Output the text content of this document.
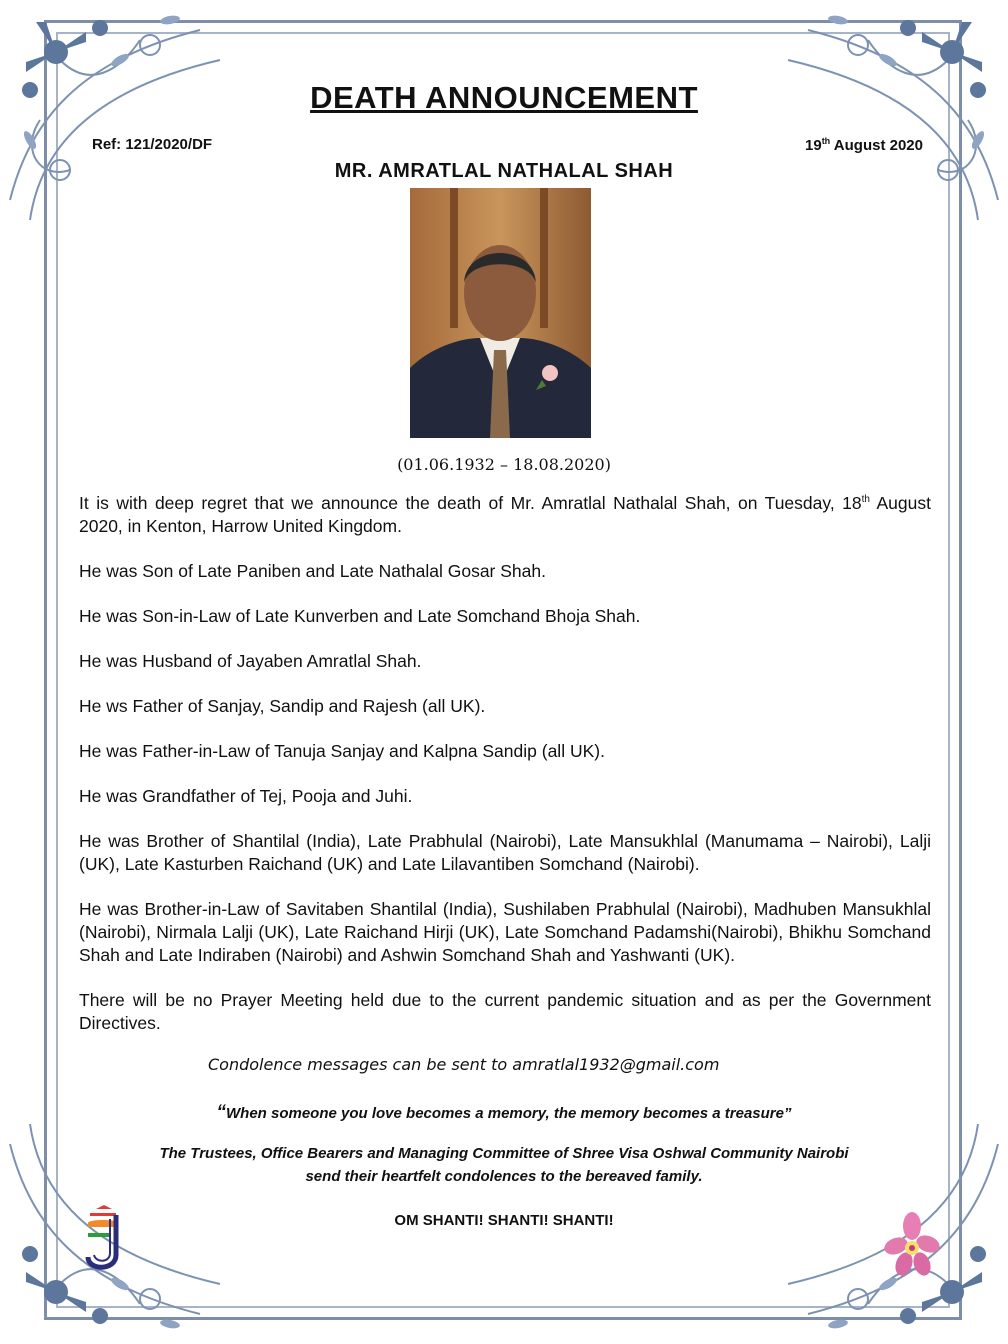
DEATH ANNOUNCEMENT
Ref: 121/2020/DF	19th August 2020
MR. AMRATLAL NATHALAL SHAH
(01.06.1932 – 18.08.2020)

It is with deep regret that we announce the death of Mr. Amratlal Nathalal Shah, on Tuesday, 18th August 2020, in Kenton, Harrow United Kingdom.

He was Son of Late Paniben and Late Nathalal Gosar Shah.

He was Son-in-Law of Late Kunverben and Late Somchand Bhoja Shah.

He was Husband of Jayaben Amratlal Shah.

He ws Father of Sanjay, Sandip and Rajesh (all UK).

He was Father-in-Law of Tanuja Sanjay and Kalpna Sandip (all UK).

He was Grandfather of Tej, Pooja and Juhi.

He was Brother of Shantilal (India), Late Prabhulal (Nairobi), Late Mansukhlal (Manumama – Nairobi), Lalji (UK), Late Kasturben Raichand (UK) and Late Lilavantiben Somchand (Nairobi).

He was Brother-in-Law of Savitaben Shantilal (India), Sushilaben Prabhulal (Nairobi), Madhuben Mansukhlal (Nairobi), Nirmala Lalji (UK), Late Raichand Hirji (UK), Late Somchand Padamshi(Nairobi), Bhikhu Somchand Shah and Late Indiraben (Nairobi) and Ashwin Somchand Shah and Yashwanti (UK).

There will be no Prayer Meeting held due to the current pandemic situation and as per the Government Directives.

Condolence messages can be sent to amratlal1932@gmail.com
“When someone you love becomes a memory, the memory becomes a treasure”
The Trustees, Office Bearers and Managing Committee of Shree Visa Oshwal Community Nairobi
send their heartfelt condolences to the bereaved family.
OM SHANTI! SHANTI! SHANTI!
